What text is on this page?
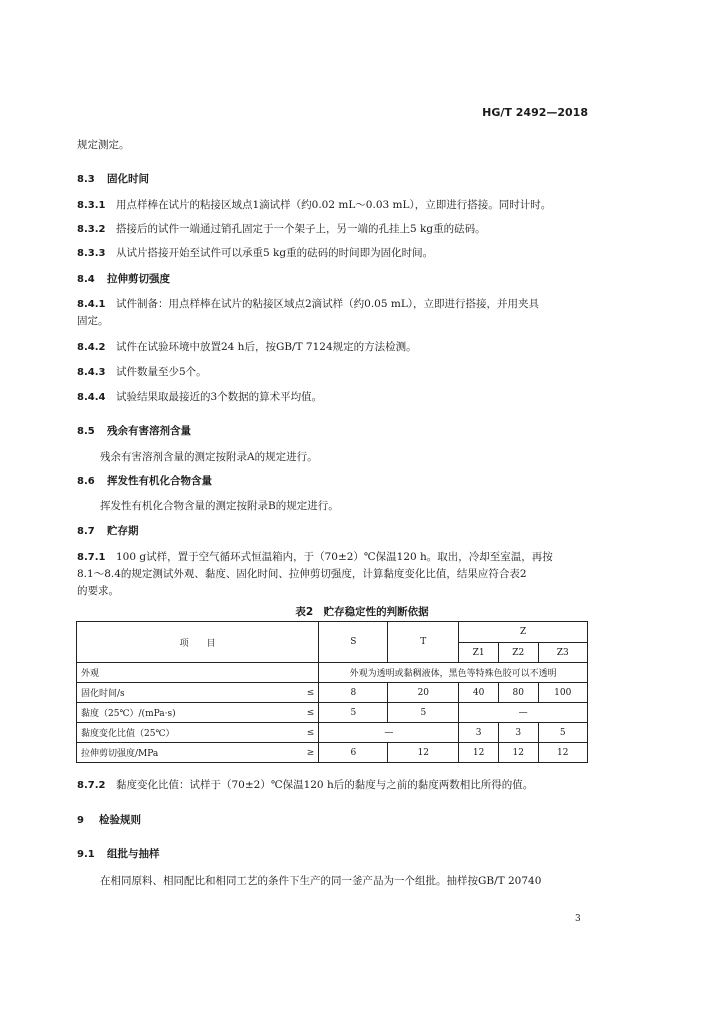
HG/T 2492—2018
规定测定。
8.3 固化时间
8.3.1　 用点样棒在试片的粘接区域点1滴试样（约0.02 mL～0.03 mL），立即进行搭接。同时计时。
8.3.2　 搭接后的试件一端通过销孔固定于一个架子上，另一端的孔挂上5 kg重的砝码。
8.3.3　 从试片搭接开始至试件可以承重5 kg重的砝码的时间即为固化时间。
8.4 拉伸剪切强度
8.4.1　 试件制备：用点样棒在试片的粘接区域点2滴试样（约0.05 mL），立即进行搭接，并用夹具
固定。
8.4.2　 试件在试验环境中放置24 h后，按GB/T 7124规定的方法检测。
8.4.3　 试件数量至少5个。
8.4.4　 试验结果取最接近的3个数据的算术平均值。
8.5 残余有害溶剂含量
残余有害溶剂含量的测定按附录A的规定进行。
8.6 挥发性有机化合物含量
挥发性有机化合物含量的测定按附录B的规定进行。
8.7 贮存期
8.7.1　 100 g试样，置于空气循环式恒温箱内，于（70±2）℃保温120 h。取出，冷却至室温，再按
8.1～8.4的规定测试外观、黏度、固化时间、拉伸剪切强度，计算黏度变化比值，结果应符合表2
的要求。
表2　贮存稳定性的判断依据
项　　目		S	T	Z		
				Z1	Z2	Z3
外观		外观为透明或黏稠液体，黑色等特殊色胶可以不透明				
固化时间/s	≤	8	20	40	80	100
黏度（25℃）/(mPa·s)	≤	5	5	—		
黏度变化比值（25℃）	≤	—		3	3	5
拉伸剪切强度/MPa	≥	6	12	12	12	12
8.7.2　 黏度变化比值：试样于（70±2）℃保温120 h后的黏度与之前的黏度两数相比所得的值。
9 检验规则
9.1 组批与抽样
在相同原料、相同配比和相同工艺的条件下生产的同一釜产品为一个组批。抽样按GB/T 20740
3
